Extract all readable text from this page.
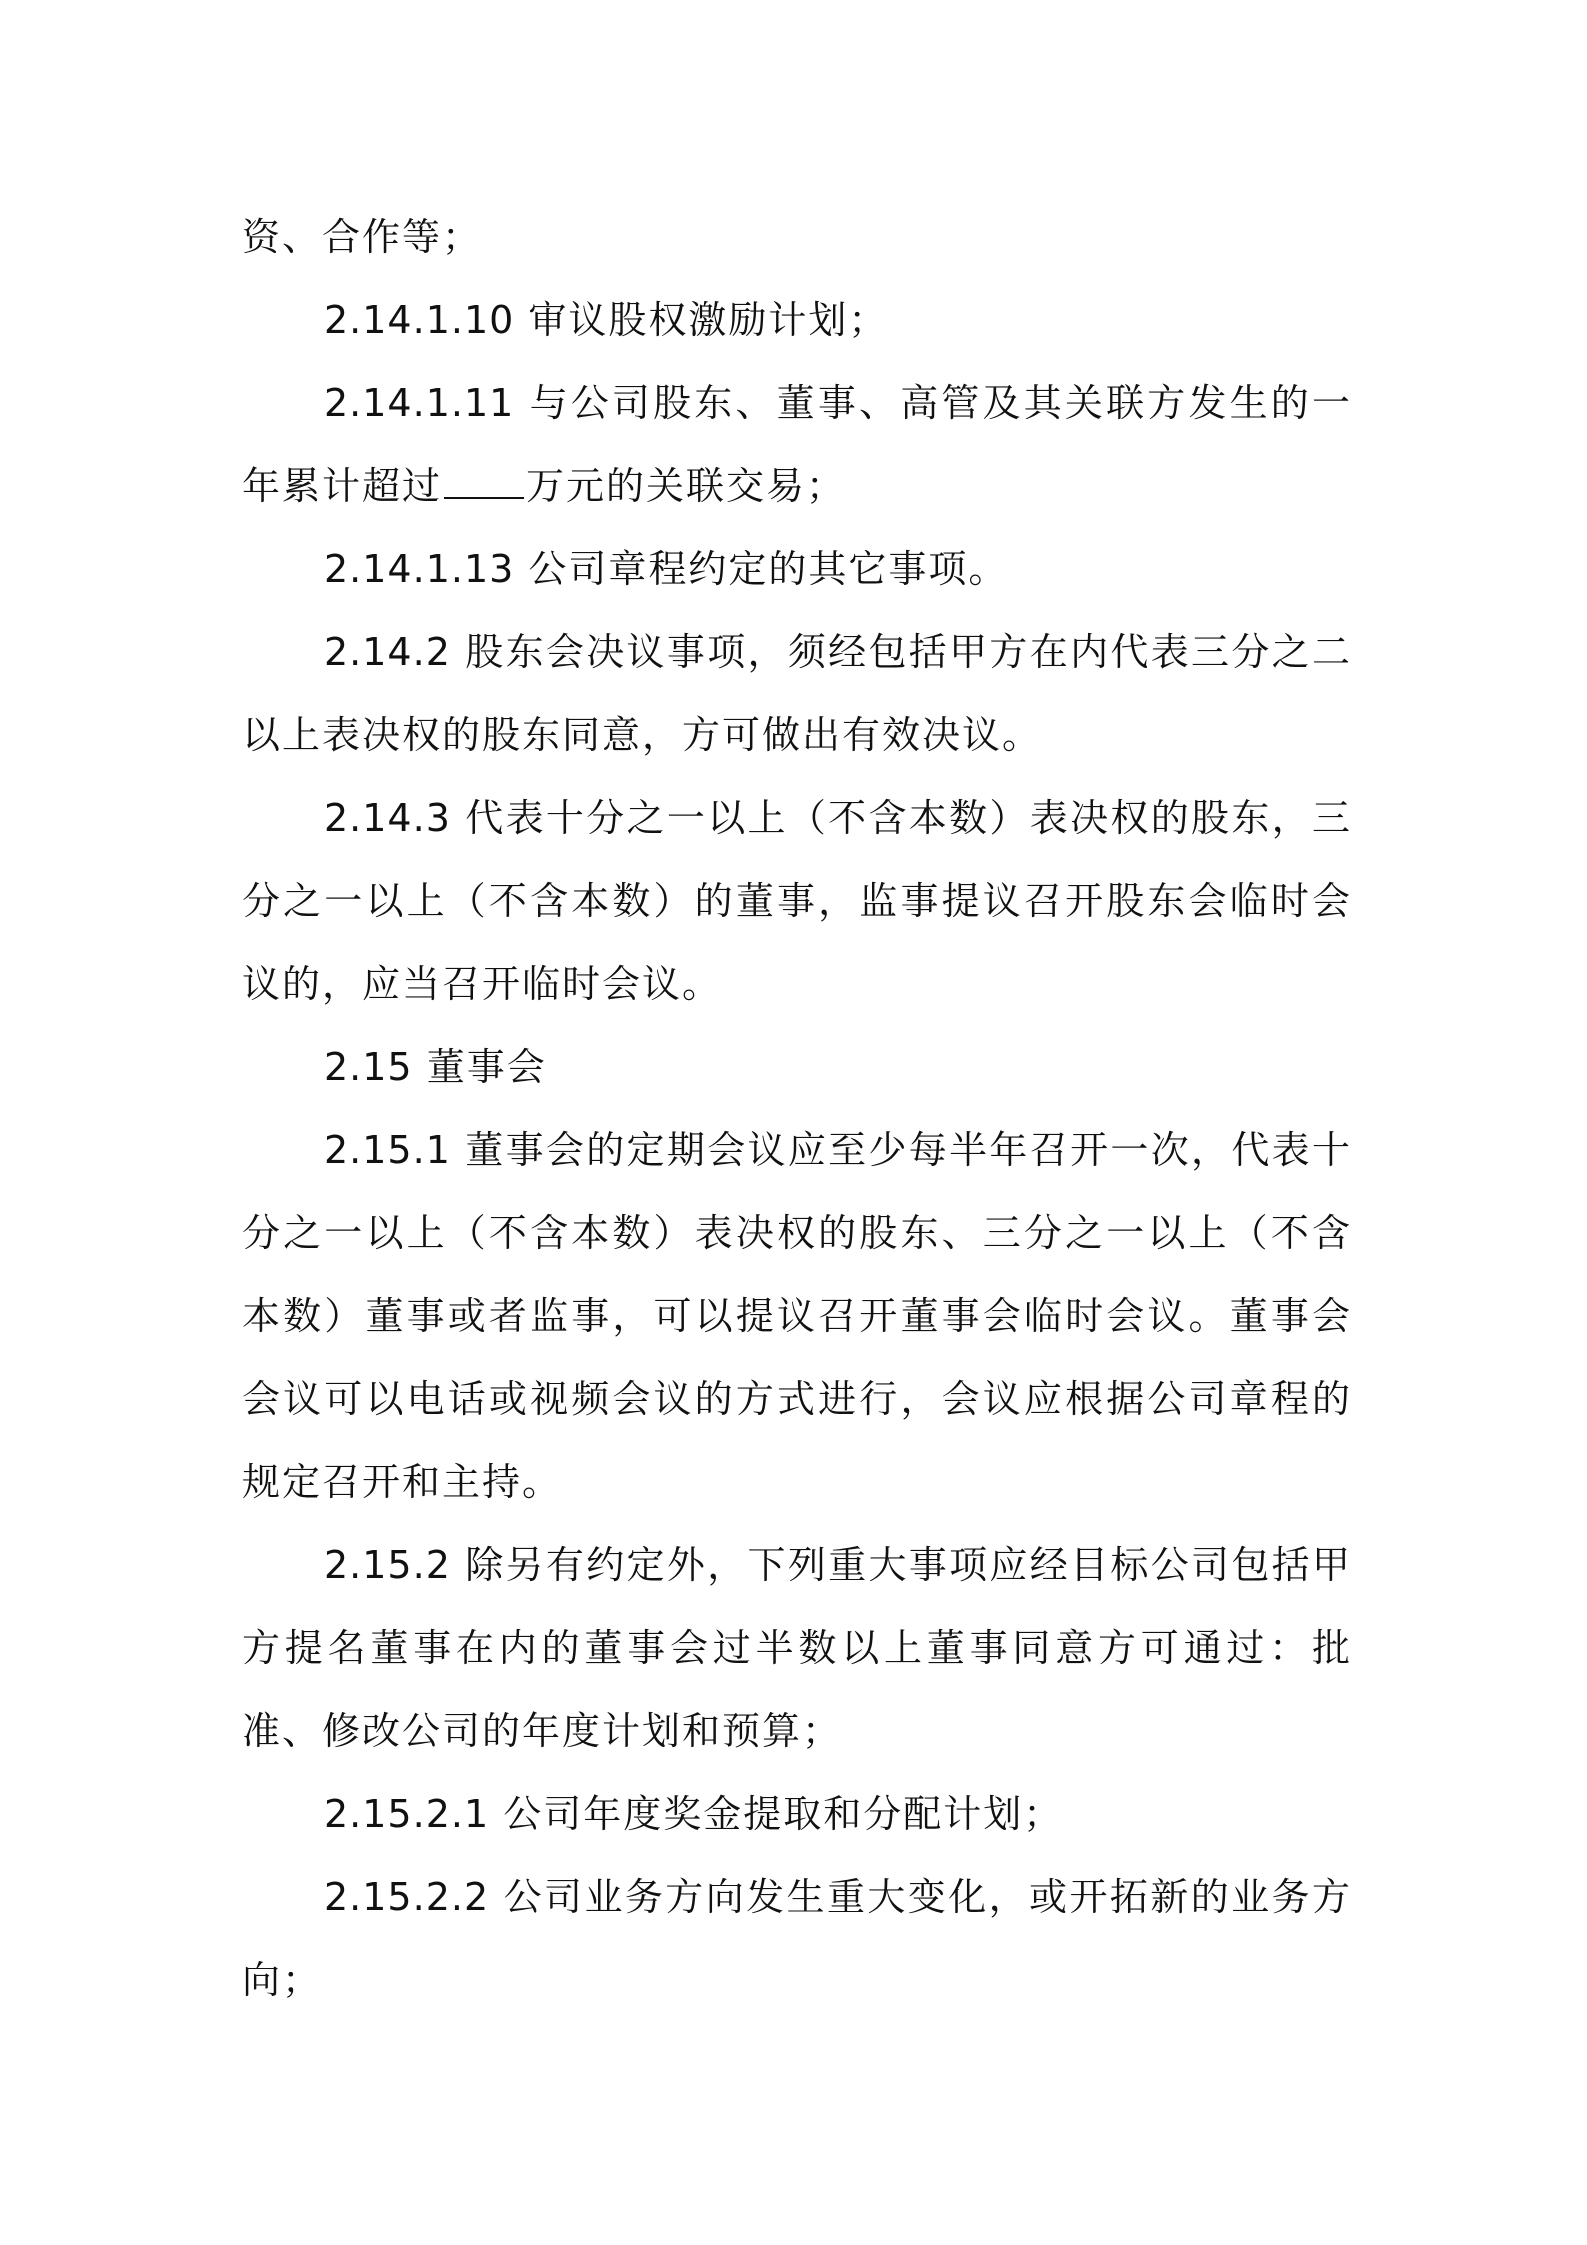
资、合作等；

2.14.1.10 审议股权激励计划；

2.14.1.11 与公司股东、董事、高管及其关联方发生的一年累计超过 万元的关联交易；

2.14.1.13 公司章程约定的其它事项。

2.14.2 股东会决议事项，须经包括甲方在内代表三分之二以上表决权的股东同意，方可做出有效决议。

2.14.3 代表十分之一以上（不含本数）表决权的股东，三分之一以上（不含本数）的董事，监事提议召开股东会临时会议的，应当召开临时会议。

2.15 董事会

2.15.1 董事会的定期会议应至少每半年召开一次，代表十分之一以上（不含本数）表决权的股东、三分之一以上（不含本数）董事或者监事，可以提议召开董事会临时会议。董事会会议可以电话或视频会议的方式进行，会议应根据公司章程的规定召开和主持。

2.15.2 除另有约定外，下列重大事项应经目标公司包括甲方提名董事在内的董事会过半数以上董事同意方可通过：批准、修改公司的年度计划和预算；

2.15.2.1 公司年度奖金提取和分配计划；

2.15.2.2 公司业务方向发生重大变化，或开拓新的业务方向；
